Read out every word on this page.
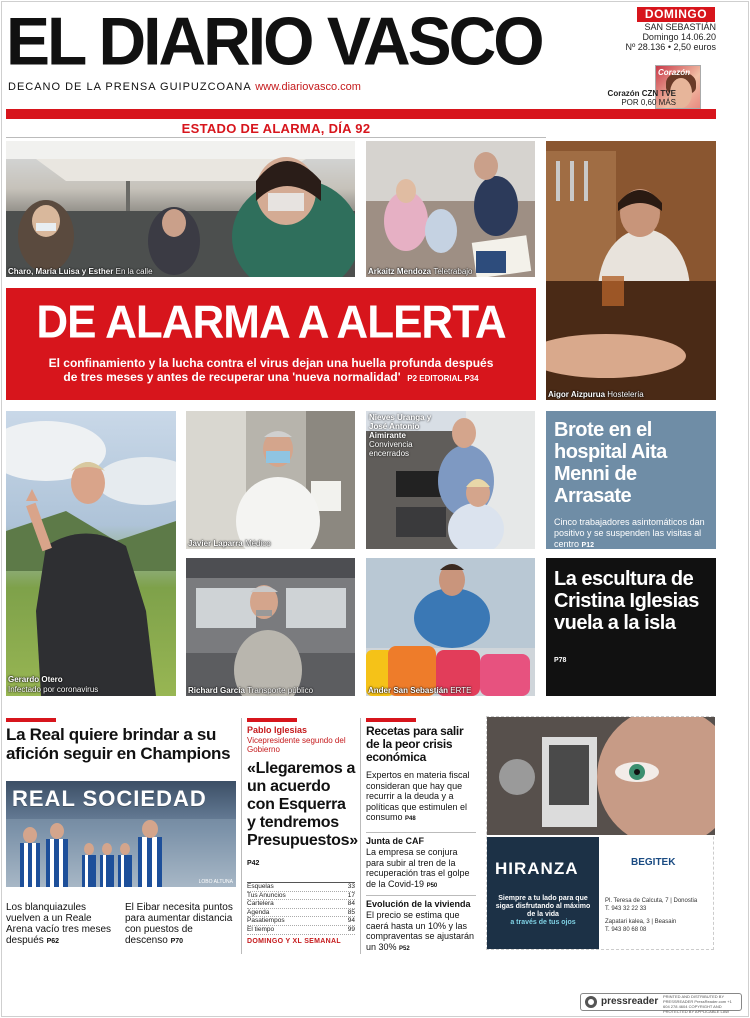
EL DIARIO VASCO
DECANO DE LA PRENSA GUIPUZCOANA www.diariovasco.com
DOMINGO
SAN SEBASTIÁN
Domingo 14.06.20
Nº 28.136 • 2,50 euros
Corazón
Corazón CZN TVE
POR 0,60 MÁS
ESTADO DE ALARMA, DÍA 92
Charo, María Luisa y Esther En la calle	Arkaitz Mendoza Teletrabajo
Aigor Aizpurua Hostelería
DE ALARMA A ALERTA
El confinamiento y la lucha contra el virus dejan una huella profunda después
de tres meses y antes de recuperar una 'nueva normalidad' P2 EDITORIAL P34
Gerardo Otero
Infectado por coronavirus
Javier Laparra Médico
Nieves Uranga y José Antonio Aimirante
Convivencia encerrados
Brote en el hospital Aita Menni de Arrasate

Cinco trabajadores asintomáticos dan positivo y se suspenden las visitas al centro P12

Richard García Transporte público	Ander San Sebastián ERTE
La escultura de Cristina Iglesias vuela a la isla
P78
La Real quiere brindar a su afición seguir en Champions
REAL SOCIEDAD
LOBO ALTUNA
Los blanquiazules vuelven a un Reale Arena vacío tres meses después P62
El Eibar necesita puntos para aumentar distancia con puestos de descenso P70
Pablo Iglesias
Vicepresidente segundo del Gobierno
«Llegaremos a un acuerdo con Esquerra y tendremos Presupuestos»
P42
Esquelas	33
Tus Anuncios	17
Cartelera	84
Agenda	85
Pasatiempos	94
El tiempo	99
DOMINGO Y XL SEMANAL
Recetas para salir de la peor crisis económica
Expertos en materia fiscal consideran que hay que recurrir a la deuda y a políticas que estimulen el consumo P48
Junta de CAF
La empresa se conjura para subir al tren de la recuperación tras el golpe de la Covid-19 P50
Evolución de la vivienda
El precio se estima que caerá hasta un 10% y las compraventas se ajustarán un 30% P52
HIRANZA
Siempre a tu lado para que sigas disfrutando al máximo de la vida
a través de tus ojos
BEGITEK
Pl. Teresa de Calcuta, 7 | Donostia
T. 943 32 22 33
Zapatari kalea, 3 | Beasain
T. 943 80 68 08
pressreader PRINTED AND DISTRIBUTED BY PRESSREADER PressReader.com +1 604 278 4604 COPYRIGHT AND PROTECTED BY APPLICABLE LAW
